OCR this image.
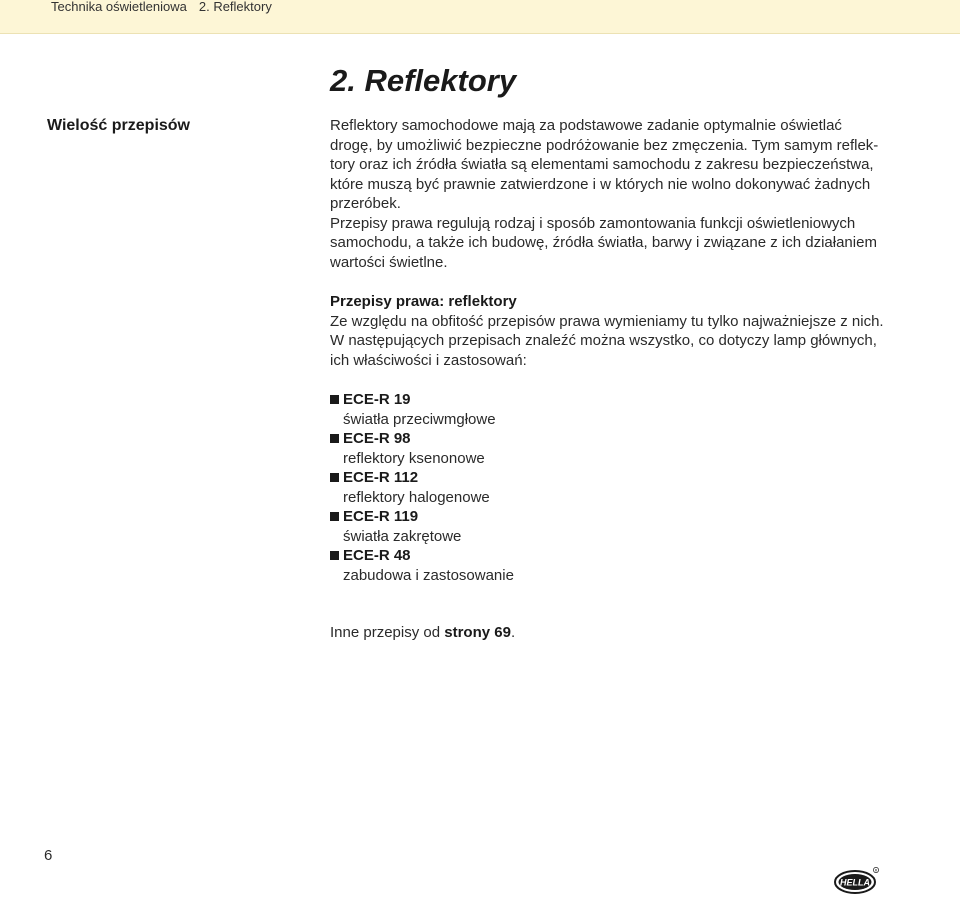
Technika oświetleniowa 2. Reflektory
2. Reflektory
Wielość przepisów	Reflektory samochodowe mają za podstawowe zadanie optymalnie oświetlać
drogę, by umożliwić bezpieczne podróżowanie bez zmęczenia. Tym samym reflek-
tory oraz ich źródła światła są elementami samochodu z zakresu bezpieczeństwa,
które muszą być prawnie zatwierdzone i w których nie wolno dokonywać żadnych
przeróbek.
Przepisy prawa regulują rodzaj i sposób zamontowania funkcji oświetleniowych
samochodu, a także ich budowę, źródła światła, barwy i związane z ich działaniem
wartości świetlne.

Przepisy prawa: reflektory

Ze względu na obfitość przepisów prawa wymieniamy tu tylko najważniejsze z nich.
W następujących przepisach znaleźć można wszystko, co dotyczy lamp głównych,
ich właściwości i zastosowań:

ECE-R 19
światła przeciwmgłowe
ECE-R 98
reflektory ksenonowe
ECE-R 112
reflektory halogenowe
ECE-R 119
światła zakrętowe
ECE-R 48
zabudowa i zastosowanie

Inne przepisy od strony 69.

6
HELLA
R
